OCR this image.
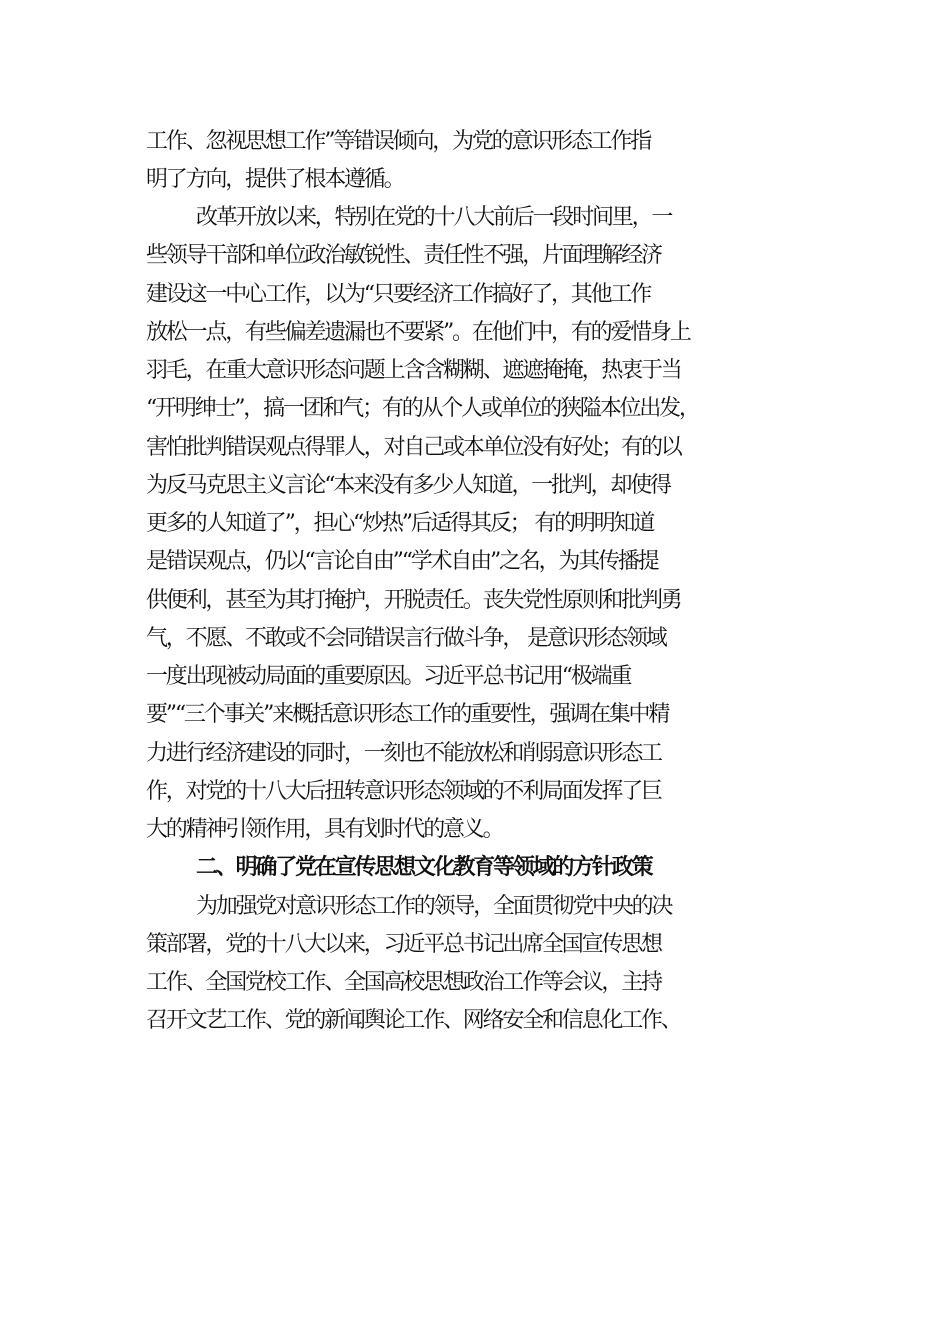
工作、忽视思想工作”等错误倾向，为党的意识形态工作指
明了方向，提供了根本遵循。
改革开放以来，特别在党的十八大前后一段时间里，一
些领导干部和单位政治敏锐性、责任性不强，片面理解经济
建设这一中心工作，以为“只要经济工作搞好了，其他工作
放松一点，有些偏差遗漏也不要紧”。在他们中，有的爱惜身上
羽毛，在重大意识形态问题上含含糊糊、遮遮掩掩，热衷于当
“开明绅士”，搞一团和气；有的从个人或单位的狭隘本位出发，
害怕批判错误观点得罪人，对自己或本单位没有好处；有的以
为反马克思主义言论“本来没有多少人知道，一批判，却使得
更多的人知道了”，担心“炒热”后适得其反； 有的明明知道
是错误观点，仍以“言论自由”“学术自由”之名，为其传播提
供便利，甚至为其打掩护，开脱责任。丧失党性原则和批判勇
气，不愿、不敢或不会同错误言行做斗争， 是意识形态领域
一度出现被动局面的重要原因。习近平总书记用“极端重
要”“三个事关”来概括意识形态工作的重要性，强调在集中精
力进行经济建设的同时，一刻也不能放松和削弱意识形态工
作，对党的十八大后扭转意识形态领域的不利局面发挥了巨
大的精神引领作用，具有划时代的意义。
二、明确了党在宣传思想文化教育等领域的方针政策
为加强党对意识形态工作的领导，全面贯彻党中央的决
策部署，党的十八大以来，习近平总书记出席全国宣传思想
工作、全国党校工作、全国高校思想政治工作等会议，主持
召开文艺工作、党的新闻舆论工作、网络安全和信息化工作、
